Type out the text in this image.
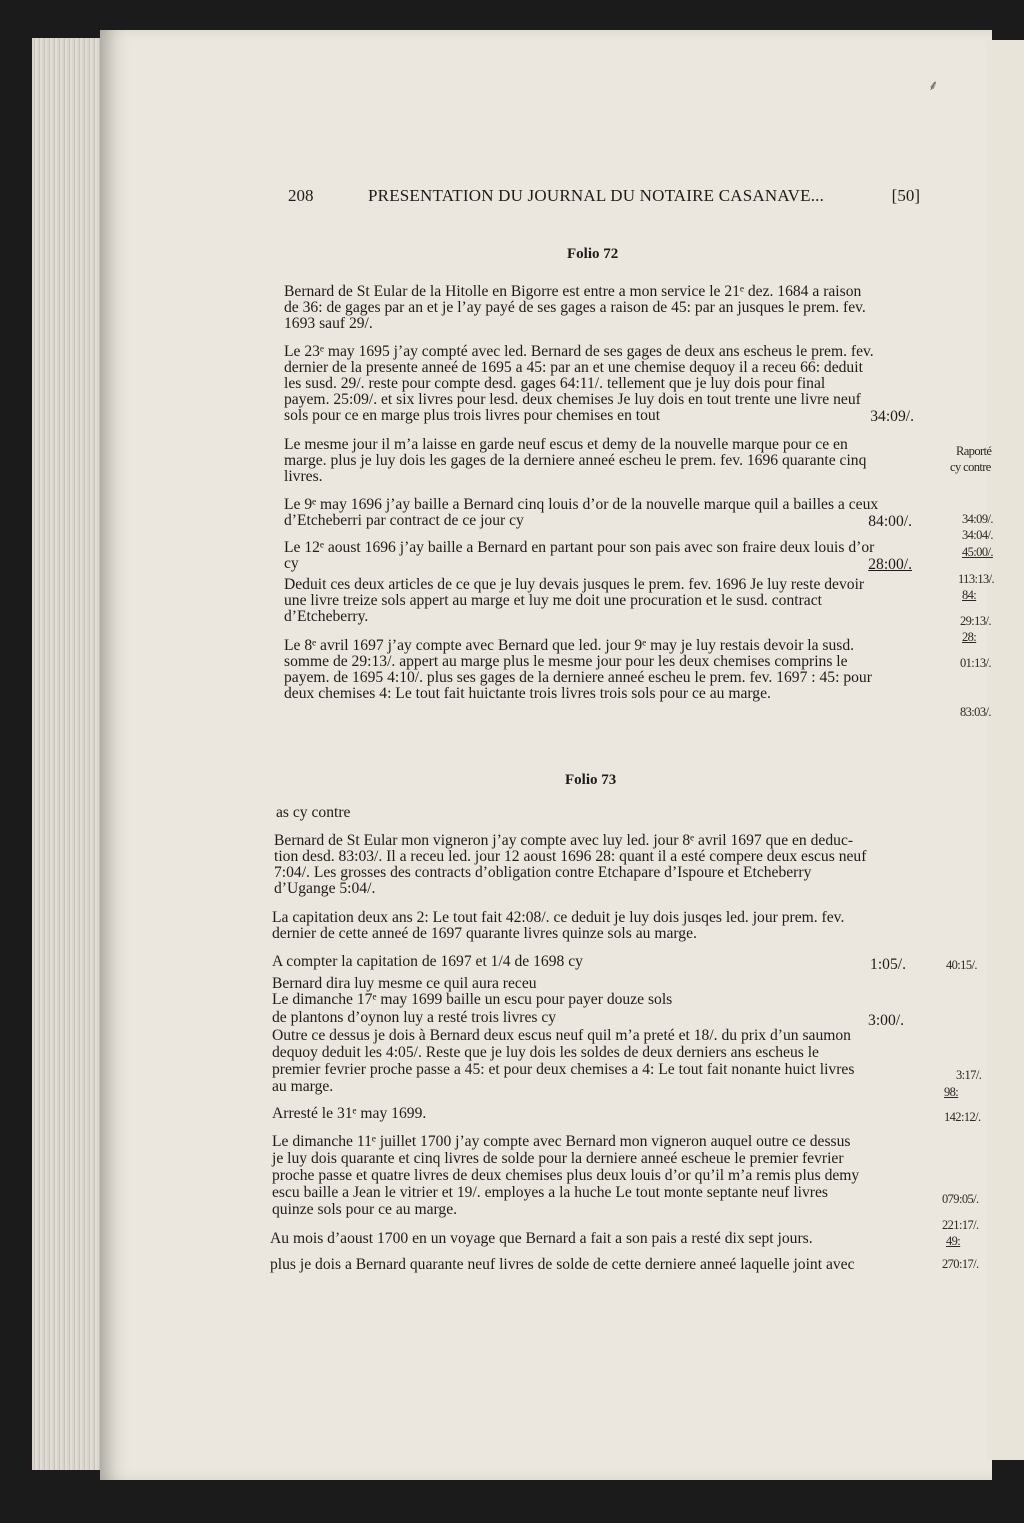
⸙
208	PRESENTATION DU JOURNAL DU NOTAIRE CASANAVE...	[50]
Folio 72
Bernard de St Eular de la Hitolle en Bigorre est entre a mon service le 21ᵉ dez. 1684 a raison
de 36: de gages par an et je l’ay payé de ses gages a raison de 45: par an jusques le prem. fev.
1693 sauf 29/.
Le 23ᵉ may 1695 j’ay compté avec led. Bernard de ses gages de deux ans escheus le prem. fev.
dernier de la presente anneé de 1695 a 45: par an et une chemise dequoy il a receu 66: deduit
les susd. 29/. reste pour compte desd. gages 64:11/. tellement que je luy dois pour final
payem. 25:09/. et six livres pour lesd. deux chemises Je luy dois en tout trente une livre neuf
sols pour ce en marge plus trois livres pour chemises en tout	34:09/.
Le mesme jour il m’a laisse en garde neuf escus et demy de la nouvelle marque pour ce en
marge. plus je luy dois les gages de la derniere anneé escheu le prem. fev. 1696 quarante cinq
livres.
Le 9ᵉ may 1696 j’ay baille a Bernard cinq louis d’or de la nouvelle marque quil a bailles a ceux
d’Etcheberri par contract de ce jour cy	84:00/.
Le 12ᵉ aoust 1696 j’ay baille a Bernard en partant pour son pais avec son fraire deux louis d’or
cy	28:00/.
Deduit ces deux articles de ce que je luy devais jusques le prem. fev. 1696 Je luy reste devoir
une livre treize sols appert au marge et luy me doit une procuration et le susd. contract
d’Etcheberry.
Le 8ᵉ avril 1697 j’ay compte avec Bernard que led. jour 9ᵉ may je luy restais devoir la susd.
somme de 29:13/. appert au marge plus le mesme jour pour les deux chemises comprins le
payem. de 1695 4:10/. plus ses gages de la derniere anneé escheu le prem. fev. 1697 : 45: pour
deux chemises 4: Le tout fait huictante trois livres trois sols pour ce au marge.
Folio 73
as cy contre
Bernard de St Eular mon vigneron j’ay compte avec luy led. jour 8ᵉ avril 1697 que en deduc-
tion desd. 83:03/. Il a receu led. jour 12 aoust 1696 28: quant il a esté compere deux escus neuf
7:04/. Les grosses des contracts d’obligation contre Etchapare d’Ispoure et Etcheberry
d’Ugange 5:04/.
La capitation deux ans 2: Le tout fait 42:08/. ce deduit je luy dois jusqes led. jour prem. fev.
dernier de cette anneé de 1697 quarante livres quinze sols au marge.
A compter la capitation de 1697 et 1/4 de 1698 cy	1:05/.
Bernard dira luy mesme ce quil aura receu
Le dimanche 17ᵉ may 1699 baille un escu pour payer douze sols
de plantons d’oynon luy a resté trois livres cy	3:00/.
Outre ce dessus je dois à Bernard deux escus neuf quil m’a preté et 18/. du prix d’un saumon
dequoy deduit les 4:05/. Reste que je luy dois les soldes de deux derniers ans escheus le
premier fevrier proche passe a 45: et pour deux chemises a 4: Le tout fait nonante huict livres
au marge.
Arresté le 31ᵉ may 1699.
Le dimanche 11ᵉ juillet 1700 j’ay compte avec Bernard mon vigneron auquel outre ce dessus
je luy dois quarante et cinq livres de solde pour la derniere anneé escheue le premier fevrier
proche passe et quatre livres de deux chemises plus deux louis d’or qu’il m’a remis plus demy
escu baille a Jean le vitrier et 19/. employes a la huche Le tout monte septante neuf livres
quinze sols pour ce au marge.
Au mois d’aoust 1700 en un voyage que Bernard a fait a son pais a resté dix sept jours.
plus je dois a Bernard quarante neuf livres de solde de cette derniere anneé laquelle joint avec
Raporté
cy contre
34:09/.
34:04/.
45:00/.
113:13/.
84:
29:13/.
28:
01:13/.
83:03/.
40:15/.
3:17/.
98:
142:12/.
079:05/.
221:17/.
49:
270:17/.
